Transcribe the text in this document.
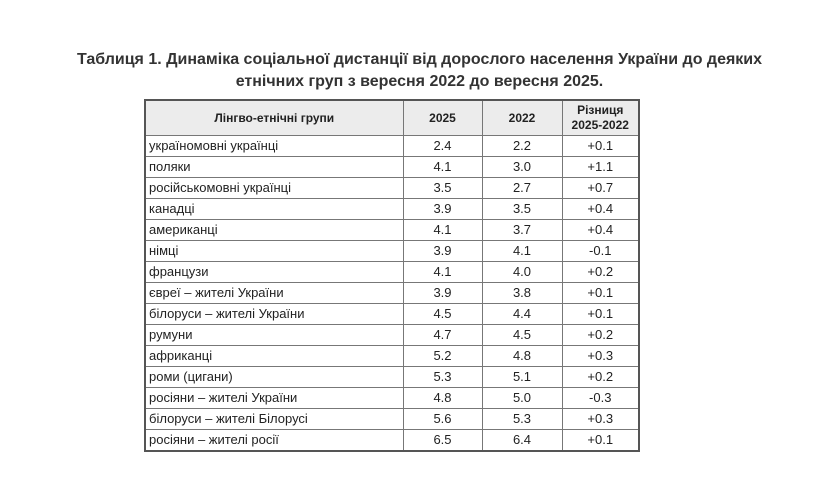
Таблиця 1. Динаміка соціальної дистанції від дорослого населення України до деяких
етнічних груп з вересня 2022 до вересня 2025.
Лінгво-етнічні групи	2025	2022	Різниця
2025-2022
україномовні українці	2.4	2.2	+0.1
поляки	4.1	3.0	+1.1
російськомовні українці	3.5	2.7	+0.7
канадці	3.9	3.5	+0.4
американці	4.1	3.7	+0.4
німці	3.9	4.1	-0.1
французи	4.1	4.0	+0.2
євреї – жителі України	3.9	3.8	+0.1
білоруси – жителі України	4.5	4.4	+0.1
румуни	4.7	4.5	+0.2
африканці	5.2	4.8	+0.3
роми (цигани)	5.3	5.1	+0.2
росіяни – жителі України	4.8	5.0	-0.3
білоруси – жителі Білорусі	5.6	5.3	+0.3
росіяни – жителі росії	6.5	6.4	+0.1
